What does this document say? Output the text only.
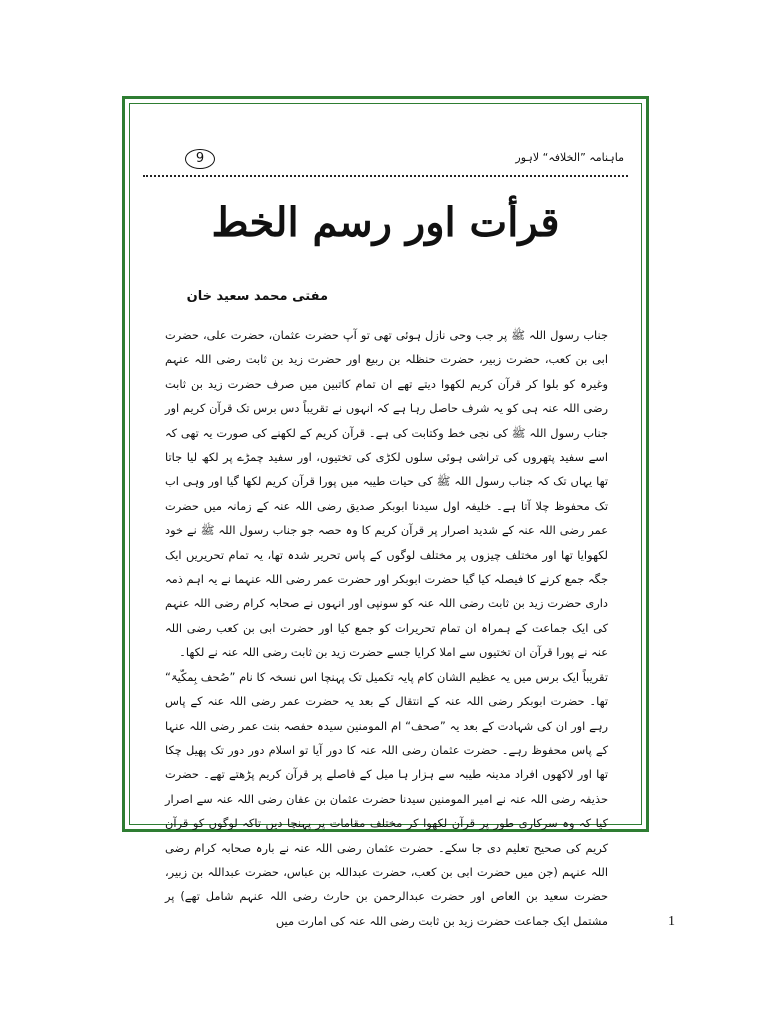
9	ماہنامہ ”الخلافہ“ لاہور
قرأت اور رسم الخط
مفتی محمد سعید خان

جناب رسول اللہ ﷺ پر جب وحی نازل ہوئی تھی تو آپ حضرت عثمان، حضرت علی، حضرت ابی بن کعب، حضرت زبیر، حضرت حنظلہ بن ربیع اور حضرت زید بن ثابت رضی اللہ عنہم وغیرہ کو بلوا کر قرآن کریم لکھوا دیتے تھے ان تمام کاتبین میں صرف حضرت زید بن ثابت رضی اللہ عنہ ہی کو یہ شرف حاصل رہا ہے کہ انہوں نے تقریباً دس برس تک قرآن کریم اور جناب رسول اللہ ﷺ کی نجی خط وکتابت کی ہے۔ قرآن کریم کے لکھنے کی صورت یہ تھی کہ اسے سفید پتھروں کی تراشی ہوئی سلوں لکڑی کی تختیوں، اور سفید چمڑے پر لکھ لیا جاتا تھا یہاں تک کہ جناب رسول اللہ ﷺ کی حیات طیبہ میں پورا قرآن کریم لکھا گیا اور وہی اب تک محفوظ چلا آتا ہے۔ خلیفہ اول سیدنا ابوبکر صدیق رضی اللہ عنہ کے زمانہ میں حضرت عمر رضی اللہ عنہ کے شدید اصرار پر قرآن کریم کا وہ حصہ جو جناب رسول اللہ ﷺ نے خود لکھوایا تھا اور مختلف چیزوں پر مختلف لوگوں کے پاس تحریر شدہ تھا، یہ تمام تحریریں ایک جگہ جمع کرنے کا فیصلہ کیا گیا حضرت ابوبکر اور حضرت عمر رضی اللہ عنہما نے یہ اہم ذمہ داری حضرت زید بن ثابت رضی اللہ عنہ کو سونپی اور انہوں نے صحابہ کرام رضی اللہ عنہم کی ایک جماعت کے ہمراہ ان تمام تحریرات کو جمع کیا اور حضرت ابی بن کعب رضی اللہ عنہ نے پورا قرآن ان تختیوں سے املا کرایا جسے حضرت زید بن ثابت رضی اللہ عنہ نے لکھا۔

تقریباً ایک برس میں یہ عظیم الشان کام پایہ تکمیل تک پہنچا اس نسخہ کا نام ”صُحف بِمکّیۃ“ تھا۔ حضرت ابوبکر رضی اللہ عنہ کے انتقال کے بعد یہ حضرت عمر رضی اللہ عنہ کے پاس رہے اور ان کی شہادت کے بعد یہ ”صحف“ ام المومنین سیدہ حفصہ بنت عمر رضی اللہ عنہا کے پاس محفوظ رہے۔ حضرت عثمان رضی اللہ عنہ کا دور آیا تو اسلام دور دور تک پھیل چکا تھا اور لاکھوں افراد مدینہ طیبہ سے ہزار ہا میل کے فاصلے پر قرآن کریم پڑھتے تھے۔ حضرت حذیفہ رضی اللہ عنہ نے امیر المومنین سیدنا حضرت عثمان بن عفان رضی اللہ عنہ سے اصرار کیا کہ وہ سرکاری طور پر قرآن لکھوا کر مختلف مقامات پر پہنچا دیں تاکہ لوگوں کو قرآن کریم کی صحیح تعلیم دی جا سکے۔ حضرت عثمان رضی اللہ عنہ نے بارہ صحابہ کرام رضی اللہ عنہم (جن میں حضرت ابی بن کعب، حضرت عبداللہ بن عباس، حضرت عبداللہ بن زبیر، حضرت سعید بن العاص اور حضرت عبدالرحمن بن حارث رضی اللہ عنہم شامل تھے) پر مشتمل ایک جماعت حضرت زید بن ثابت رضی اللہ عنہ کی امارت میں	1
